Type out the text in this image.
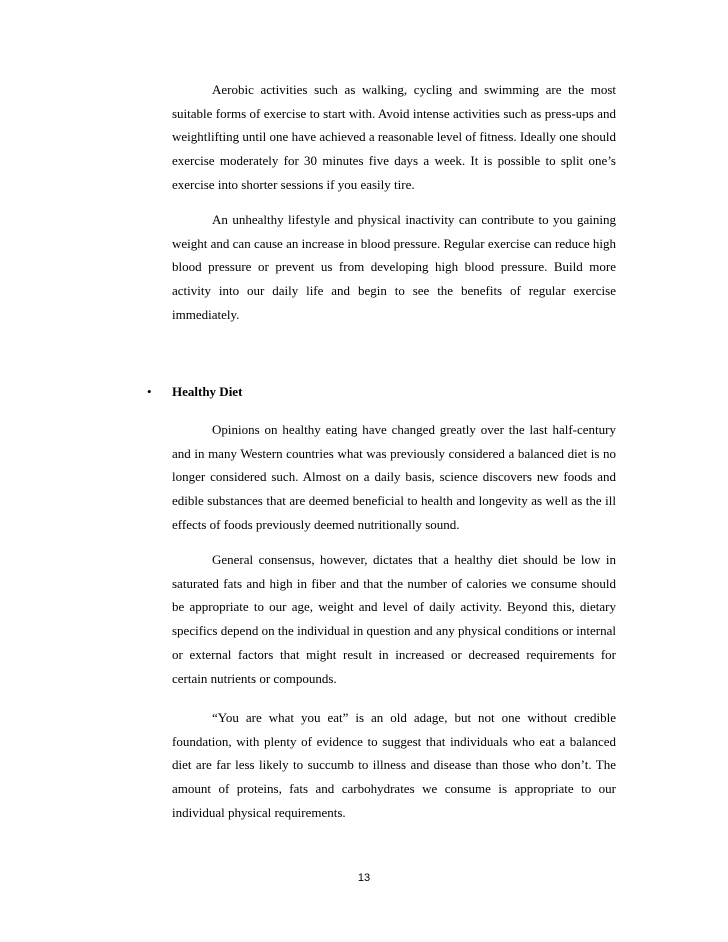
Aerobic activities such as walking, cycling and swimming are the most suitable forms of exercise to start with. Avoid intense activities such as press-ups and weightlifting until one have achieved a reasonable level of fitness. Ideally one should exercise moderately for 30 minutes five days a week. It is possible to split one’s exercise into shorter sessions if you easily tire.

An unhealthy lifestyle and physical inactivity can contribute to you gaining weight and can cause an increase in blood pressure. Regular exercise can reduce high blood pressure or prevent us from developing high blood pressure. Build more activity into our daily life and begin to see the benefits of regular exercise immediately.

• Healthy Diet

Opinions on healthy eating have changed greatly over the last half-century and in many Western countries what was previously considered a balanced diet is no longer considered such. Almost on a daily basis, science discovers new foods and edible substances that are deemed beneficial to health and longevity as well as the ill effects of foods previously deemed nutritionally sound.

General consensus, however, dictates that a healthy diet should be low in saturated fats and high in fiber and that the number of calories we consume should be appropriate to our age, weight and level of daily activity. Beyond this, dietary specifics depend on the individual in question and any physical conditions or internal or external factors that might result in increased or decreased requirements for certain nutrients or compounds.

“You are what you eat” is an old adage, but not one without credible foundation, with plenty of evidence to suggest that individuals who eat a balanced diet are far less likely to succumb to illness and disease than those who don’t. The amount of proteins, fats and carbohydrates we consume is appropriate to our individual physical requirements.

13
